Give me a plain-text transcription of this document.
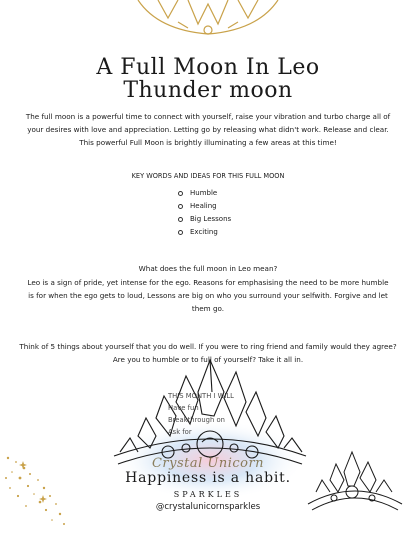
A Full Moon In Leo
Thunder moon
The full moon is a powerful time to connect with yourself, raise your vibration and turbo charge all of your desires with love and appreciation. Letting go by releasing what didn't work. Release and clear. This powerful Full Moon is brightly illuminating a few areas at this time!
KEY WORDS AND IDEAS FOR THIS FULL MOON
Humble
Healing
Big Lessons
Exciting
What does the full moon in Leo mean?
Leo is a sign of pride, yet intense for the ego. Reasons for emphasising the need to be more humble is for when the ego gets to loud, Lessons are big on who you surround your selfwith. Forgive and let them go.
Think of 5 things about yourself that you do well. If you were to ring friend and family would they agree? Are you to humble or to full of yourself? Take it all in.
THIS MONTH I WILL
Have fun
Breakthrough on
Ask for
Crystal Unicorn
Happiness is a habit.
SPARKLES
@crystalunicornsparkles
